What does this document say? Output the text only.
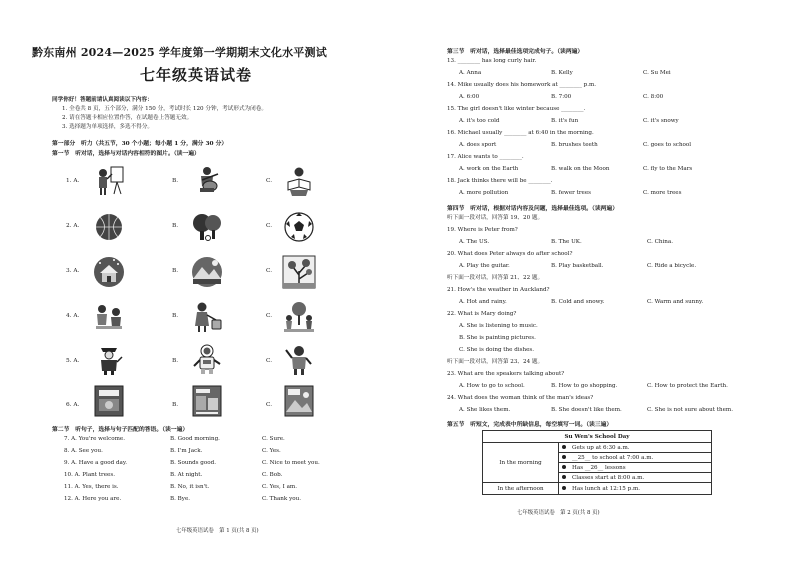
黔东南州 2024—2025 学年度第一学期期末文化水平测试
七年级英语试卷
同学你好！答题前请认真阅读以下内容：
1. 全卷共 8 页，五个部分，满分 150 分，考试时长 120 分钟，考试形式为闭卷。
2. 请在答题卡相应位置作答，在试题卷上答题无效。
3. 选择题为单项选择，多选不得分。
第一部分　听力（共五节，30 个小题；每小题 1 分，满分 30 分）
第一节　听对话，选择与对话内容相符的图片。（读一遍）
1. A.	B.	C.
2. A.	B.	C.
3. A.	B.	C.
4. A.	B.	C.
5. A.	B.	C.
6. A.	B.	C.
第二节　听句子，选择与句子匹配的答语。（读一遍）
7. A. You're welcome.	B. Good morning.	C. Sure.
8. A. See you.	B. I'm Jack.	C. Yes.
9. A. Have a good day.	B. Sounds good.	C. Nice to meet you.
10. A. Plant trees.	B. At night.	C. Bob.
11. A. Yes, there is.	B. No, it isn't.	C. Yes, I am.
12. A. Here you are.	B. Bye.	C. Thank you.
七年级英语试卷　第 1 页(共 8 页)
第三节　听对话，选择最佳选项完成句子。（读两遍）
13. ________ has long curly hair.
A. Anna	B. Kelly	C. Su Mei
14. Mike usually does his homework at ________ p.m.
A. 6:00	B. 7:00	C. 8:00
15. The girl doesn't like winter because ________.
A. it's too cold	B. it's fun	C. it's snowy
16. Michael usually ________ at 6:40 in the morning.
A. does sport	B. brushes teeth	C. goes to school
17. Alice wants to ________.
A. work on the Earth	B. walk on the Moon	C. fly to the Mars
18. Jack thinks there will be ________.
A. more pollution	B. fewer trees	C. more trees
第四节　听对话，根据对话内容及问题，选择最佳选项。（读两遍）
听下面一段对话，回答第 19、20 题。
19. Where is Peter from?
A. The US.	B. The UK.	C. China.
20. What does Peter always do after school?
A. Play the guitar.	B. Play basketball.	C. Ride a bicycle.
听下面一段对话，回答第 21、22 题。
21. How's the weather in Auckland?
A. Hot and rainy.	B. Cold and snowy.	C. Warm and sunny.
22. What is Mary doing?
A. She is listening to music.
B. She is painting pictures.
C. She is doing the dishes.
听下面一段对话，回答第 23、24 题。
23. What are the speakers talking about?
A. How to go to school.	B. How to go shopping.	C. How to protect the Earth.
24. What does the woman think of the man's ideas?
A. She likes them.	B. She doesn't like them.	C. She is not sure about them.
第五节　听短文，完成表中所缺信息，每空填写一词。（读三遍）
七年级英语试卷　第 2 页(共 8 页)
Su Wen's School Day	
In the morning	Gets up at 6:30 a.m.
	__25__ to school at 7:00 a.m.
	Has __26__ lessons
	Classes start at 8:00 a.m.
In the afternoon	Has lunch at 12:15 p.m.
